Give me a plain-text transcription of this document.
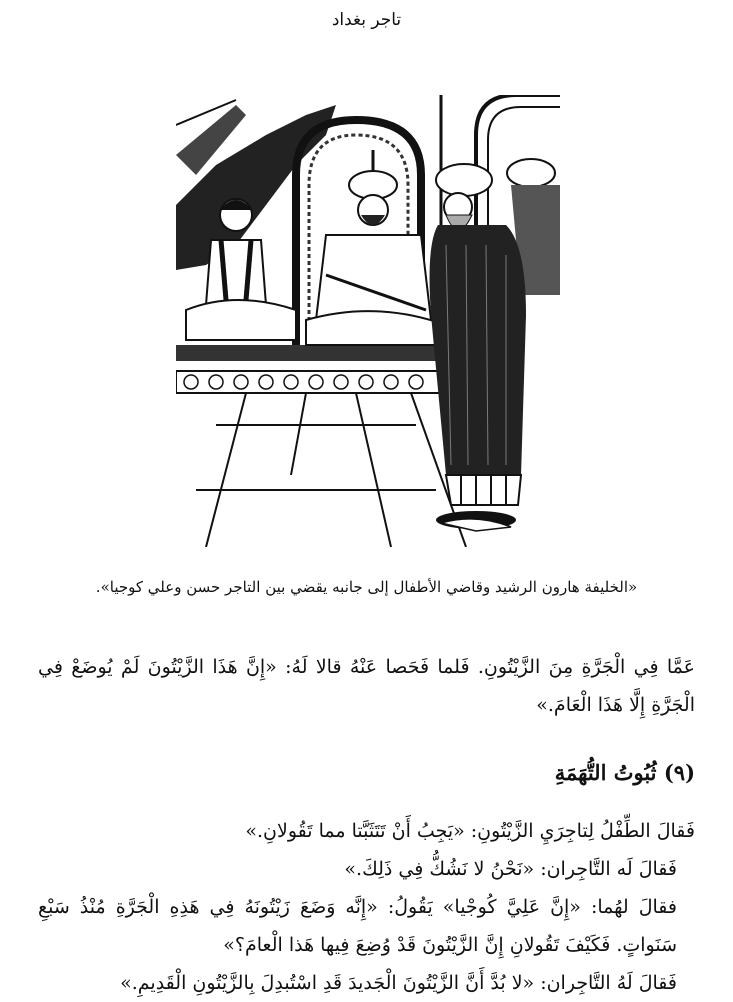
تاجر بغداد
«الخليفة هارون الرشيد وقاضي الأطفال إلى جانبه يقضي بين التاجر حسن وعلي كوجيا».

عَمَّا فِي الْجَرَّةِ مِنَ الزَّيْتُونِ. فَلما فَحَصا عَنْهُ قالا لَهُ: «إِنَّ هَذَا الزَّيْتُونَ لَمْ يُوضَعْ فِي الْجَرَّةِ إِلَّا هَذَا الْعَامَ.»

(٩) ثُبُوتُ التُّهَمَةِ

فَقالَ الطِّفْلُ لِتاجِرَيِ الزَّيْتُونِ: «يَجِبُ أَنْ تَتَثَبَّتا مما تَقُولانِ.»

فَقالَ لَه التَّاجِران: «نَحْنُ لا نَشُكُّ فِي ذَلِكَ.»

فقالَ لهُما: «إِنَّ عَلِيَّ كُوجْيا» يَقُولُ: «إِنَّه وَضَعَ زَيْتُونَهُ فِي هَذِهِ الْجَرَّةِ مُنْذُ سَبْعِ سَنَواتٍ. فَكَيْفَ تَقُولانِ إِنَّ الزَّيْتُونَ قَدْ وُضِعَ فِيها هَذا الْعامَ؟»

فَقالَ لَهُ التَّاجِران: «لا بُدَّ أَنَّ الزَّيْتُونَ الْجَديدَ قَدِ اسْتُبدِلَ بِالزَّيْتُونِ الْقَدِيمِ.»
